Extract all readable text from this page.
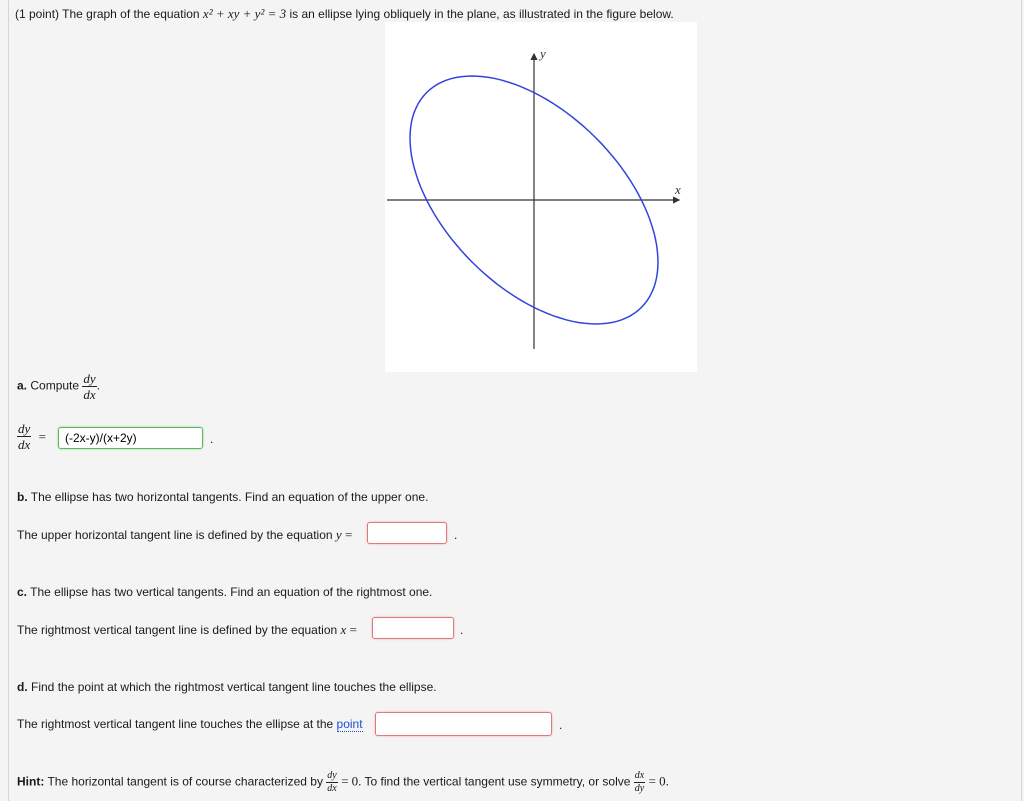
(1 point) The graph of the equation x² + xy + y² = 3 is an ellipse lying obliquely in the plane, as illustrated in the figure below.
y
x
a. Compute $\frac{dy}{dx}$ .
$\frac{dy}{dx}$ =
(-2x-y)/(x+2y)	.
b. The ellipse has two horizontal tangents. Find an equation of the upper one.
The upper horizontal tangent line is defined by the equation y =	.
c. The ellipse has two vertical tangents. Find an equation of the rightmost one.
The rightmost vertical tangent line is defined by the equation x =	.
d. Find the point at which the rightmost vertical tangent line touches the ellipse.
The rightmost vertical tangent line touches the ellipse at the point	.
Hint: The horizontal tangent is of course characterized by $\frac{dy}{dx} = 0$. To find the vertical tangent use symmetry, or solve $\frac{dx}{dy} = 0$.
